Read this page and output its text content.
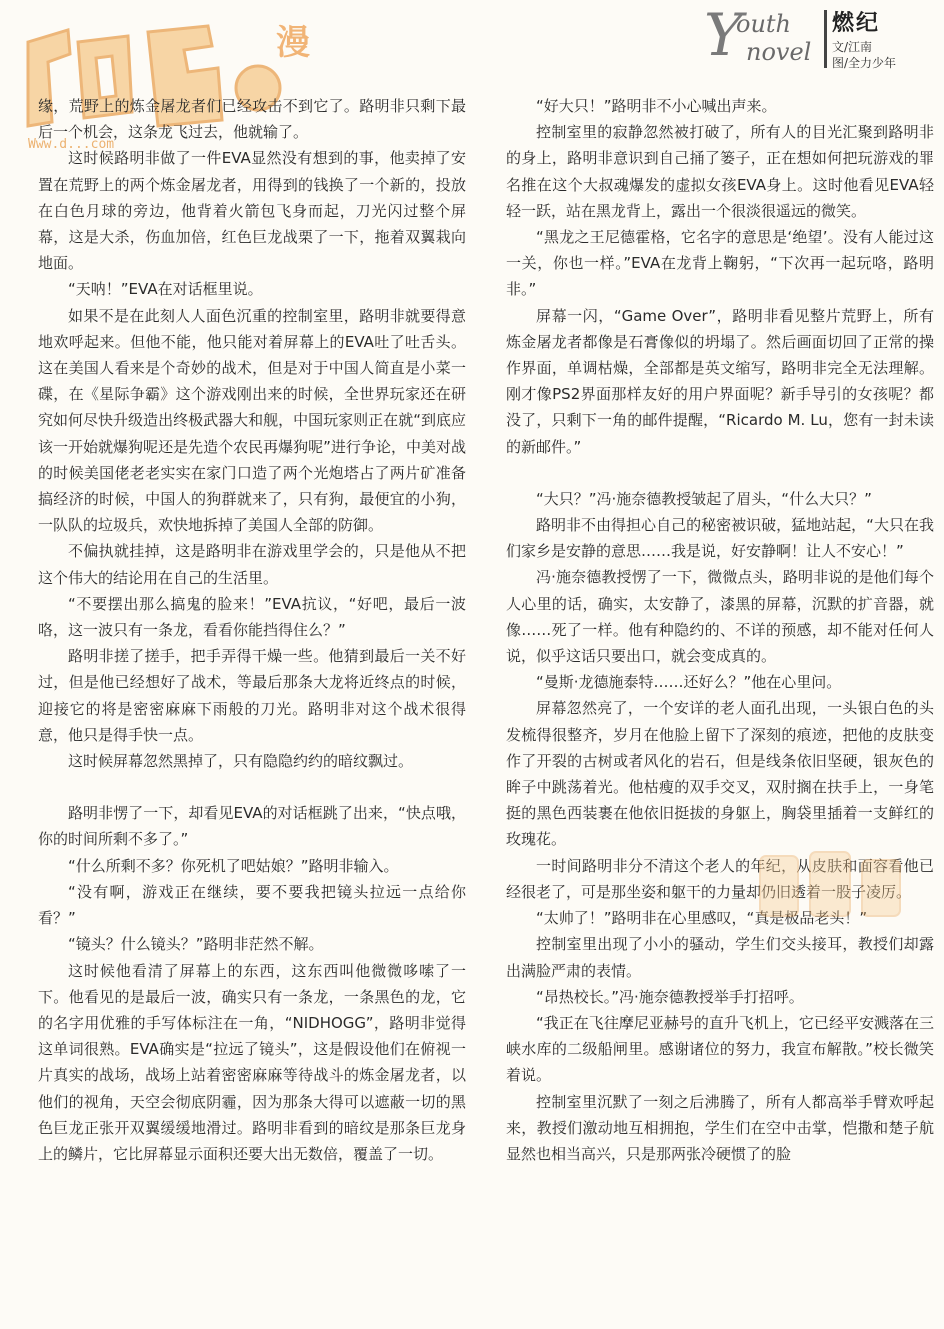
漫
Www.d...com
Y
outh
novel
燃纪
文/江南
图/全力少年

缘，荒野上的炼金屠龙者们已经攻击不到它了。路明非只剩下最后一个机会，这条龙飞过去，他就输了。

这时候路明非做了一件EVA显然没有想到的事，他卖掉了安置在荒野上的两个炼金屠龙者，用得到的钱换了一个新的，投放在白色月球的旁边，他背着火箭包飞身而起，刀光闪过整个屏幕，这是大杀，伤血加倍，红色巨龙战栗了一下，拖着双翼栽向地面。

“天呐！”EVA在对话框里说。

如果不是在此刻人人面色沉重的控制室里，路明非就要得意地欢呼起来。但他不能，他只能对着屏幕上的EVA吐了吐舌头。这在美国人看来是个奇妙的战术，但是对于中国人简直是小菜一碟，在《星际争霸》这个游戏刚出来的时候，全世界玩家还在研究如何尽快升级造出终极武器大和舰，中国玩家则正在就“到底应该一开始就爆狗呢还是先造个农民再爆狗呢”进行争论，中美对战的时候美国佬老老实实在家门口造了两个光炮塔占了两片矿准备搞经济的时候，中国人的狗群就来了，只有狗，最便宜的小狗，一队队的垃圾兵，欢快地拆掉了美国人全部的防御。

不偏执就挂掉，这是路明非在游戏里学会的，只是他从不把这个伟大的结论用在自己的生活里。

“不要摆出那么搞鬼的脸来！”EVA抗议，“好吧，最后一波咯，这一波只有一条龙，看看你能挡得住么？”

路明非搓了搓手，把手弄得干燥一些。他猜到最后一关不好过，但是他已经想好了战术，等最后那条大龙将近终点的时候，迎接它的将是密密麻麻下雨般的刀光。路明非对这个战术很得意，他只是得手快一点。

这时候屏幕忽然黑掉了，只有隐隐约约的暗纹飘过。

路明非愣了一下，却看见EVA的对话框跳了出来，“快点哦，你的时间所剩不多了。”

“什么所剩不多？你死机了吧姑娘？”路明非输入。

“没有啊，游戏正在继续，要不要我把镜头拉远一点给你看？”

“镜头？什么镜头？”路明非茫然不解。

这时候他看清了屏幕上的东西，这东西叫他微微哆嗦了一下。他看见的是最后一波，确实只有一条龙，一条黑色的龙，它的名字用优雅的手写体标注在一角，“NIDHOGG”，路明非觉得这单词很熟。EVA确实是“拉远了镜头”，这是假设他们在俯视一片真实的战场，战场上站着密密麻麻等待战斗的炼金屠龙者，以他们的视角，天空会彻底阴霾，因为那条大得可以遮蔽一切的黑色巨龙正张开双翼缓缓地滑过。路明非看到的暗纹是那条巨龙身上的鳞片，它比屏幕显示面积还要大出无数倍，覆盖了一切。

“好大只！”路明非不小心喊出声来。

控制室里的寂静忽然被打破了，所有人的目光汇聚到路明非的身上，路明非意识到自己捅了篓子，正在想如何把玩游戏的罪名推在这个大叔魂爆发的虚拟女孩EVA身上。这时他看见EVA轻轻一跃，站在黑龙背上，露出一个很淡很遥远的微笑。

“黑龙之王尼德霍格，它名字的意思是‘绝望’。没有人能过这一关，你也一样。”EVA在龙背上鞠躬，“下次再一起玩咯，路明非。”

屏幕一闪，“Game Over”，路明非看见整片荒野上，所有炼金屠龙者都像是石膏像似的坍塌了。然后画面切回了正常的操作界面，单调枯燥，全部都是英文缩写，路明非完全无法理解。刚才像PS2界面那样友好的用户界面呢？新手导引的女孩呢？都没了，只剩下一角的邮件提醒，“Ricardo M. Lu，您有一封未读的新邮件。”

“大只？”冯·施奈德教授皱起了眉头，“什么大只？”

路明非不由得担心自己的秘密被识破，猛地站起，“大只在我们家乡是安静的意思……我是说，好安静啊！让人不安心！”

冯·施奈德教授愣了一下，微微点头，路明非说的是他们每个人心里的话，确实，太安静了，漆黑的屏幕，沉默的扩音器，就像……死了一样。他有种隐约的、不详的预感，却不能对任何人说，似乎这话只要出口，就会变成真的。

“曼斯·龙德施泰特……还好么？”他在心里问。

屏幕忽然亮了，一个安详的老人面孔出现，一头银白色的头发梳得很整齐，岁月在他脸上留下了深刻的痕迹，把他的皮肤变作了开裂的古树或者风化的岩石，但是线条依旧坚硬，银灰色的眸子中跳荡着光。他枯瘦的双手交叉，双肘搁在扶手上，一身笔挺的黑色西装裹在他依旧挺拔的身躯上，胸袋里插着一支鲜红的玫瑰花。

一时间路明非分不清这个老人的年纪，从皮肤和面容看他已经很老了，可是那坐姿和躯干的力量却仍旧透着一股子凌厉。

“太帅了！”路明非在心里感叹，“真是极品老头！”

控制室里出现了小小的骚动，学生们交头接耳，教授们却露出满脸严肃的表情。

“昂热校长。”冯·施奈德教授举手打招呼。

“我正在飞往摩尼亚赫号的直升飞机上，它已经平安溅落在三峡水库的二级船闸里。感谢诸位的努力，我宣布解散。”校长微笑着说。

控制室里沉默了一刻之后沸腾了，所有人都高举手臂欢呼起来，教授们激动地互相拥抱，学生们在空中击掌，恺撒和楚子航显然也相当高兴，只是那两张冷硬惯了的脸
